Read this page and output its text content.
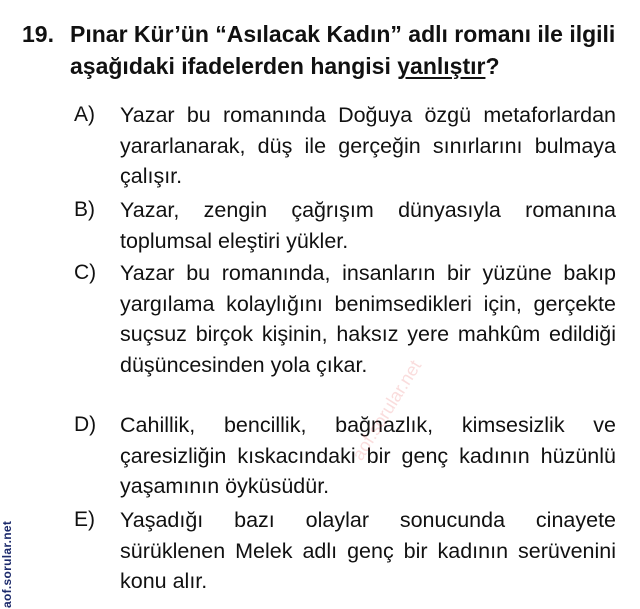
19. Pınar Kür’ün “Asılacak Kadın” adlı romanı ile ilgili aşağıdaki ifadelerden hangisi yanlıştır?
A) Yazar bu romanında Doğuya özgü metaforlardan yararlanarak, düş ile gerçeğin sınırlarını bulmaya çalışır.
B) Yazar, zengin çağrışım dünyasıyla romanına toplumsal eleştiri yükler.
C) Yazar bu romanında, insanların bir yüzüne bakıp yargılama kolaylığını benimsedikleri için, gerçekte suçsuz birçok kişinin, haksız yere mahkûm edildiği düşüncesinden yola çıkar.
D) Cahillik, bencillik, bağnazlık, kimsesizlik ve çaresizliğin kıskacındaki bir genç kadının hüzünlü yaşamının öyküsüdür.
E) Yaşadığı bazı olaylar sonucunda cinayete sürüklenen Melek adlı genç bir kadının serüvenini konu alır.
aof.sorular.net
aof.sorular.net
